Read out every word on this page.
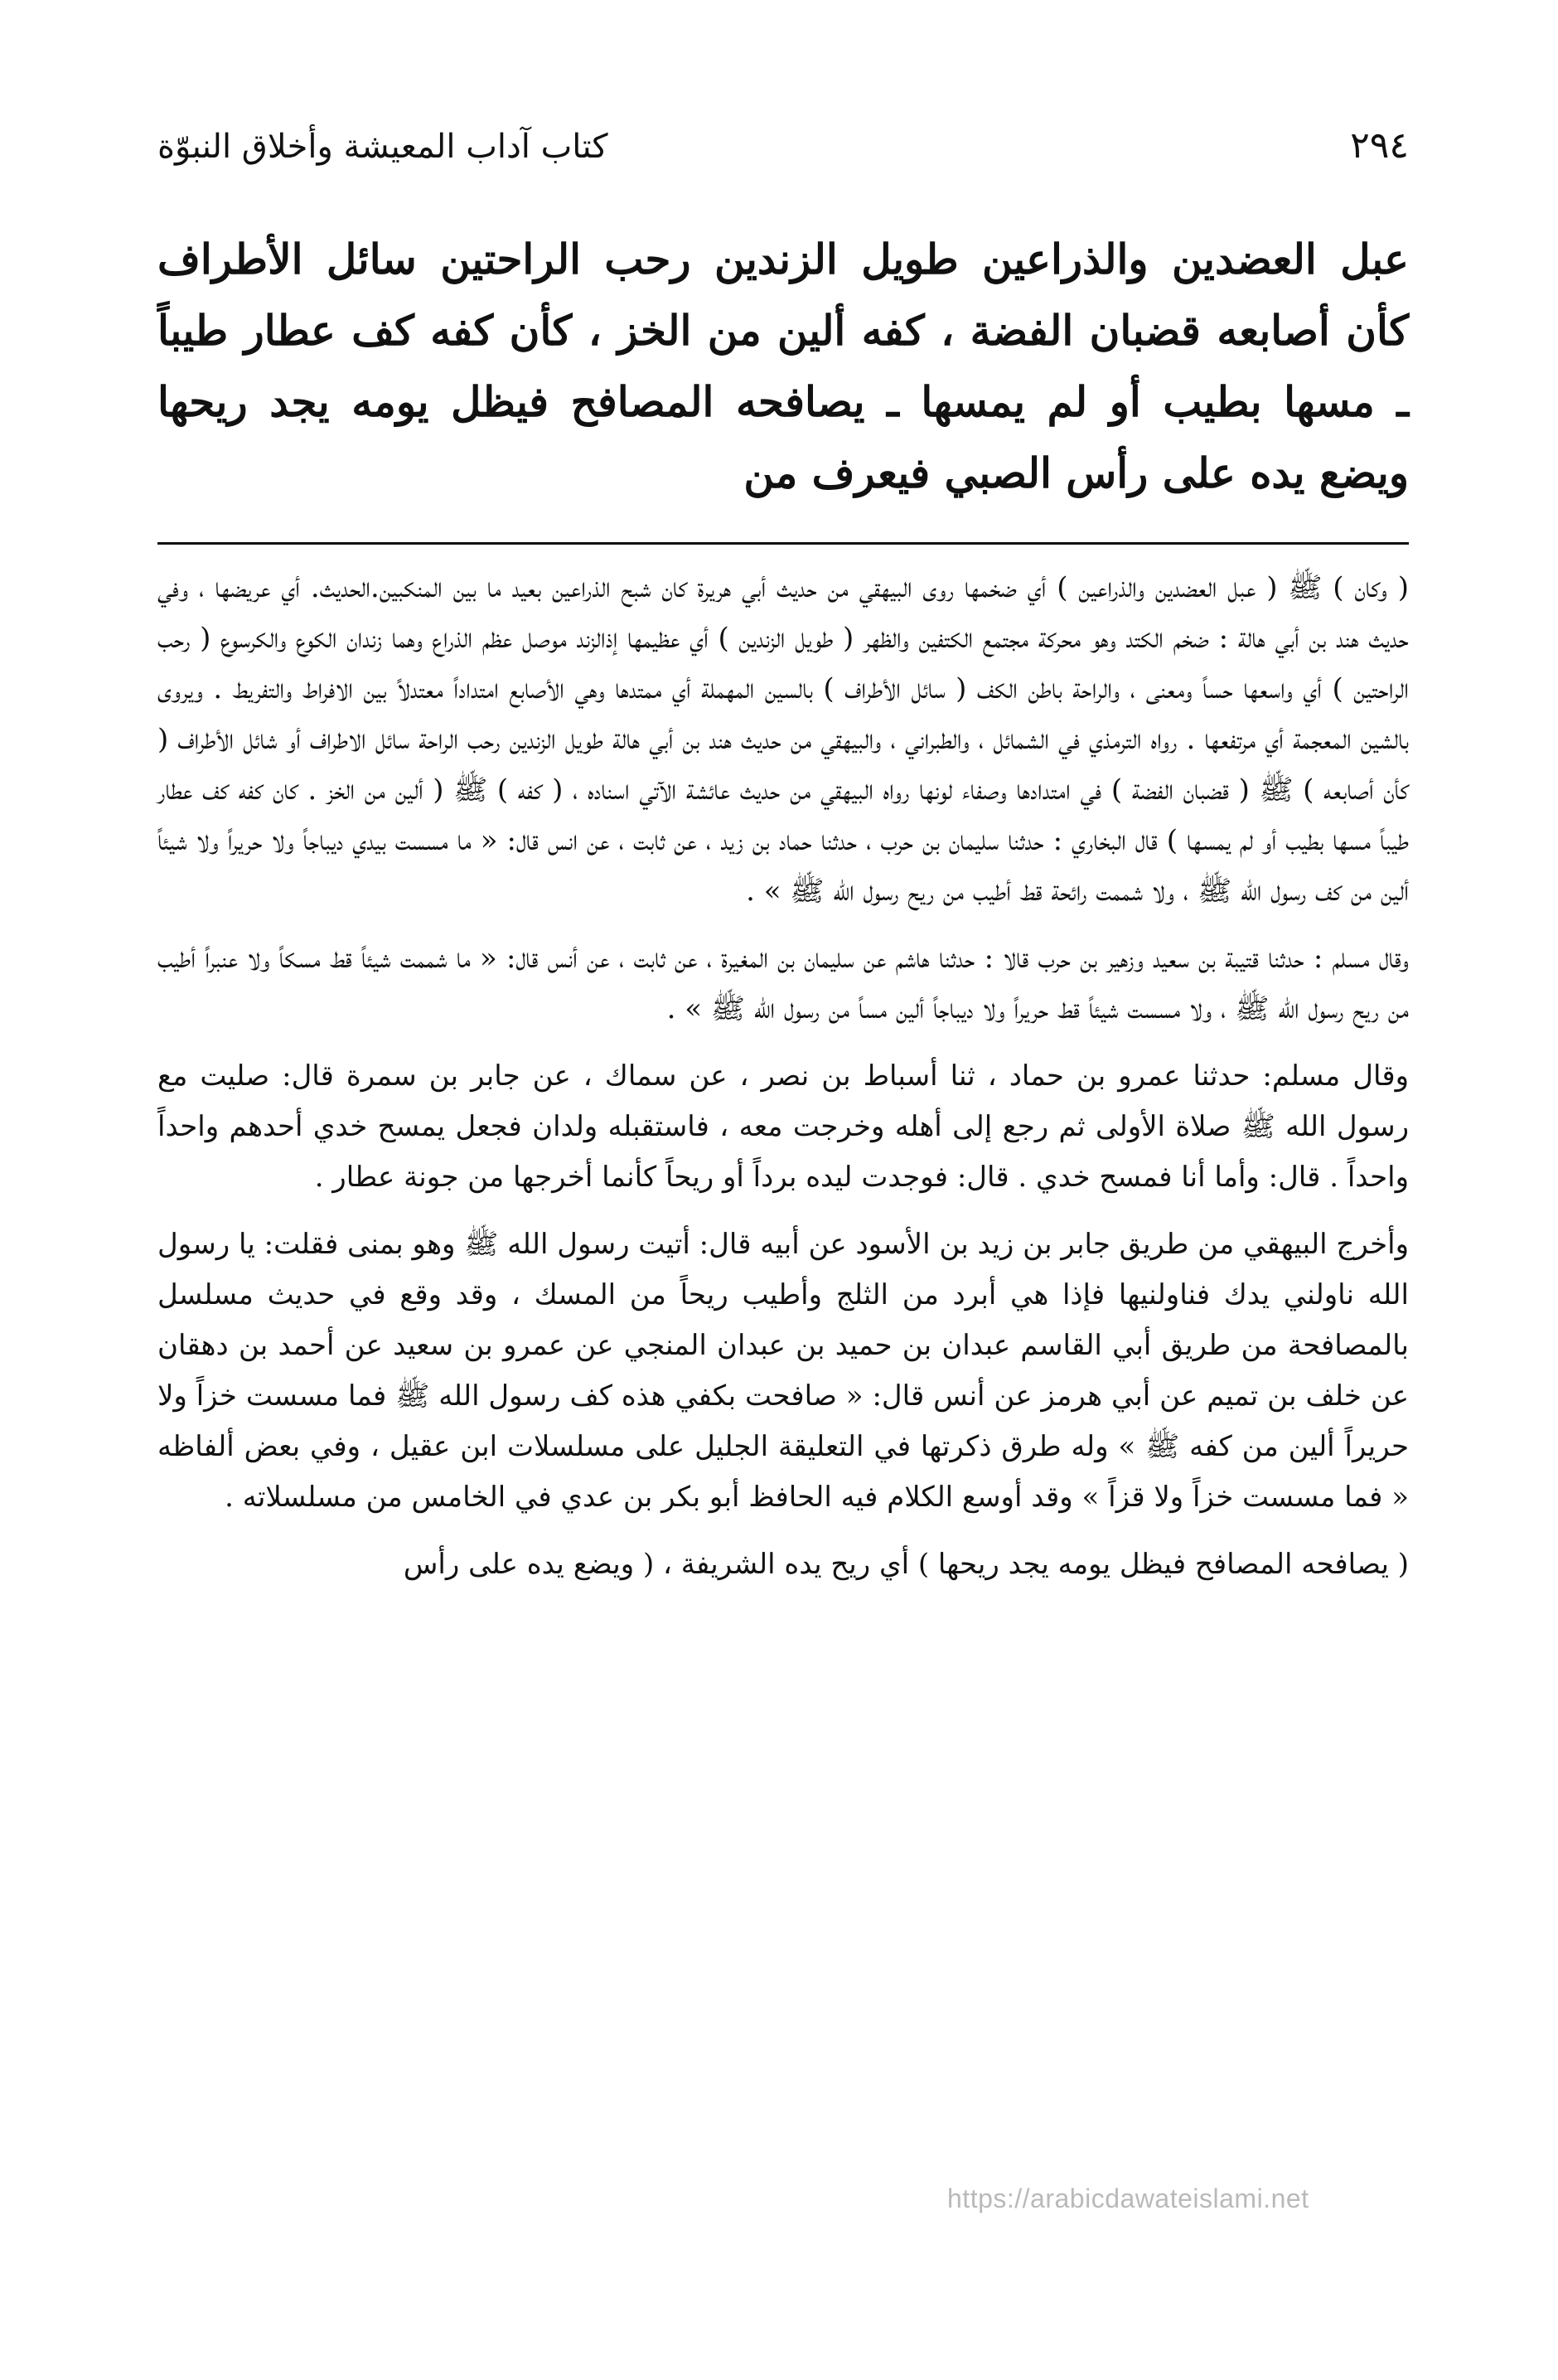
٢٩٤
كتاب آداب المعيشة وأخلاق النبوّة
عبل العضدين والذراعين طويل الزندين رحب الراحتين سائل الأطراف كأن أصابعه قضبان الفضة ، كفه ألين من الخز ، كأن كفه كف عطار طيباً ـ مسها بطيب أو لم يمسها ـ يصافحه المصافح فيظل يومه يجد ريحها ويضع يده على رأس الصبي فيعرف من

( وكان ) ﷺ ( عبل العضدين والذراعين ) أي ضخمها روى البيهقي من حديث أبي هريرة كان شبح الذراعين بعيد ما بين المنكبين.الحديث. أي عريضها ، وفي حديث هند بن أبي هالة : ضخم الكتد وهو محركة مجتمع الكتفين والظهر ( طويل الزندين ) أي عظيمها إذالزند موصل عظم الذراع وهما زندان الكوع والكرسوع ( رحب الراحتين ) أي واسعها حساً ومعنى ، والراحة باطن الكف ( سائل الأطراف ) بالسين المهملة أي ممتدها وهي الأصابع امتداداً معتدلاً بين الافراط والتفريط . ويروى بالشين المعجمة أي مرتفعها . رواه الترمذي في الشمائل ، والطبراني ، والبيهقي من حديث هند بن أبي هالة طويل الزندين رحب الراحة سائل الاطراف أو شائل الأطراف ( كأن أصابعه ) ﷺ ( قضبان الفضة ) في امتدادها وصفاء لونها رواه البيهقي من حديث عائشة الآتي اسناده ، ( كفه ) ﷺ ( ألين من الخز . كان كفه كف عطار طيباً مسها بطيب أو لم يمسها ) قال البخاري : حدثنا سليمان بن حرب ، حدثنا حماد بن زيد ، عن ثابت ، عن انس قال: « ما مسست بيدي ديباجاً ولا حريراً ولا شيئاً ألين من كف رسول الله ﷺ ، ولا شممت رائحة قط أطيب من ريح رسول الله ﷺ » .

وقال مسلم : حدثنا قتيبة بن سعيد وزهير بن حرب قالا : حدثنا هاشم عن سليمان بن المغيرة ، عن ثابت ، عن أنس قال: « ما شممت شيئاً قط مسكاً ولا عنبراً أطيب من ريح رسول الله ﷺ ، ولا مسست شيئاً قط حريراً ولا ديباجاً ألين مساً من رسول الله ﷺ » .

وقال مسلم: حدثنا عمرو بن حماد ، ثنا أسباط بن نصر ، عن سماك ، عن جابر بن سمرة قال: صليت مع رسول الله ﷺ صلاة الأولى ثم رجع إلى أهله وخرجت معه ، فاستقبله ولدان فجعل يمسح خدي أحدهم واحداً واحداً . قال: وأما أنا فمسح خدي . قال: فوجدت ليده برداً أو ريحاً كأنما أخرجها من جونة عطار .

وأخرج البيهقي من طريق جابر بن زيد بن الأسود عن أبيه قال: أتيت رسول الله ﷺ وهو بمنى فقلت: يا رسول الله ناولني يدك فناولنيها فإذا هي أبرد من الثلج وأطيب ريحاً من المسك ، وقد وقع في حديث مسلسل بالمصافحة من طريق أبي القاسم عبدان بن حميد بن عبدان المنجي عن عمرو بن سعيد عن أحمد بن دهقان عن خلف بن تميم عن أبي هرمز عن أنس قال: « صافحت بكفي هذه كف رسول الله ﷺ فما مسست خزاً ولا حريراً ألين من كفه ﷺ » وله طرق ذكرتها في التعليقة الجليل على مسلسلات ابن عقيل ، وفي بعض ألفاظه « فما مسست خزاً ولا قزاً » وقد أوسع الكلام فيه الحافظ أبو بكر بن عدي في الخامس من مسلسلاته .

( يصافحه المصافح فيظل يومه يجد ريحها ) أي ريح يده الشريفة ، ( ويضع يده على رأس

https://arabicdawateislami.net
